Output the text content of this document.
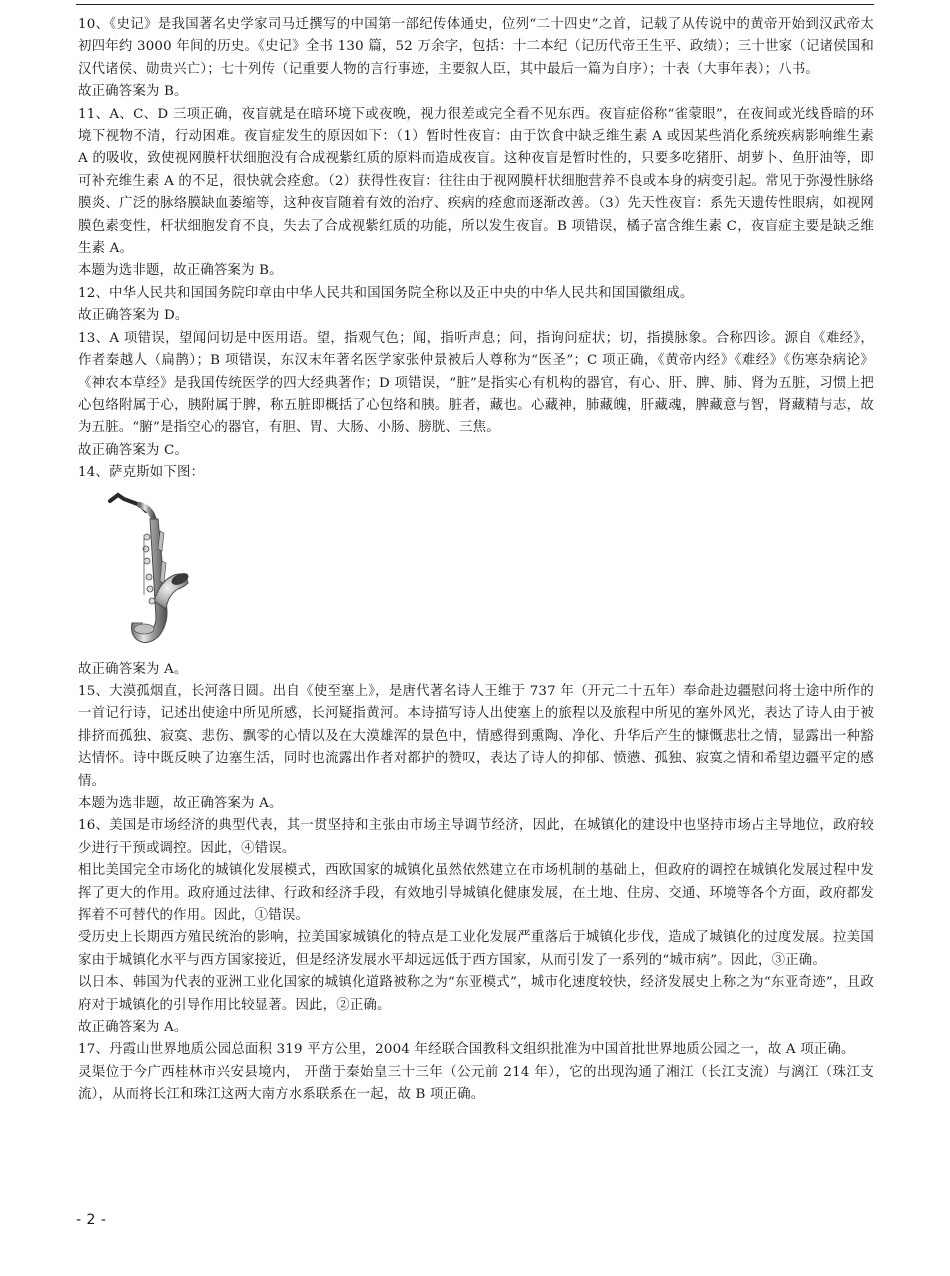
10、《史记》是我国著名史学家司马迁撰写的中国第一部纪传体通史，位列“二十四史”之首，记载了从传说中的黄帝开始到汉武帝太初四年约 3000 年间的历史。《史记》全书 130 篇，52 万余字，包括：十二本纪（记历代帝王生平、政绩）；三十世家（记诸侯国和汉代诸侯、勋贵兴亡）；七十列传（记重要人物的言行事迹，主要叙人臣，其中最后一篇为自序）；十表（大事年表）；八书。

故正确答案为 B。

11、A、C、D 三项正确，夜盲就是在暗环境下或夜晚，视力很差或完全看不见东西。夜盲症俗称“雀蒙眼”，在夜间或光线昏暗的环境下视物不清，行动困难。夜盲症发生的原因如下：（1）暂时性夜盲：由于饮食中缺乏维生素 A 或因某些消化系统疾病影响维生素 A 的吸收，致使视网膜杆状细胞没有合成视紫红质的原料而造成夜盲。这种夜盲是暂时性的，只要多吃猪肝、胡萝卜、鱼肝油等，即可补充维生素 A 的不足，很快就会痊愈。（2）获得性夜盲：往往由于视网膜杆状细胞营养不良或本身的病变引起。常见于弥漫性脉络膜炎、广泛的脉络膜缺血萎缩等，这种夜盲随着有效的治疗、疾病的痊愈而逐渐改善。（3）先天性夜盲：系先天遗传性眼病，如视网膜色素变性，杆状细胞发育不良，失去了合成视紫红质的功能，所以发生夜盲。B 项错误，橘子富含维生素 C，夜盲症主要是缺乏维生素 A。

本题为选非题，故正确答案为 B。

12、中华人民共和国国务院印章由中华人民共和国国务院全称以及正中央的中华人民共和国国徽组成。

故正确答案为 D。

13、A 项错误，望闻问切是中医用语。望，指观气色；闻，指听声息；问，指询问症状；切，指摸脉象。合称四诊。源自《难经》，作者秦越人（扁鹊）；B 项错误，东汉末年著名医学家张仲景被后人尊称为“医圣”；C 项正确，《黄帝内经》《难经》《伤寒杂病论》《神农本草经》是我国传统医学的四大经典著作；D 项错误，“脏”是指实心有机构的器官，有心、肝、脾、肺、肾为五脏，习惯上把心包络附属于心，胰附属于脾，称五脏即概括了心包络和胰。脏者，藏也。心藏神，肺藏魄，肝藏魂，脾藏意与智，肾藏精与志，故为五脏。“腑”是指空心的器官，有胆、胃、大肠、小肠、膀胱、三焦。

故正确答案为 C。

14、萨克斯如下图：

故正确答案为 A。

15、大漠孤烟直，长河落日圆。出自《使至塞上》，是唐代著名诗人王维于 737 年（开元二十五年）奉命赴边疆慰问将士途中所作的一首记行诗，记述出使途中所见所感，长河疑指黄河。本诗描写诗人出使塞上的旅程以及旅程中所见的塞外风光，表达了诗人由于被排挤而孤独、寂寞、悲伤、飘零的心情以及在大漠雄浑的景色中，情感得到熏陶、净化、升华后产生的慷慨悲壮之情，显露出一种豁达情怀。诗中既反映了边塞生活，同时也流露出作者对都护的赞叹，表达了诗人的抑郁、愤懑、孤独、寂寞之情和希望边疆平定的感情。

本题为选非题，故正确答案为 A。

16、美国是市场经济的典型代表，其一贯坚持和主张由市场主导调节经济，因此，在城镇化的建设中也坚持市场占主导地位，政府较少进行干预或调控。因此，④错误。

相比美国完全市场化的城镇化发展模式，西欧国家的城镇化虽然依然建立在市场机制的基础上，但政府的调控在城镇化发展过程中发挥了更大的作用。政府通过法律、行政和经济手段，有效地引导城镇化健康发展，在土地、住房、交通、环境等各个方面，政府都发挥着不可替代的作用。因此，①错误。

受历史上长期西方殖民统治的影响，拉美国家城镇化的特点是工业化发展严重落后于城镇化步伐，造成了城镇化的过度发展。拉美国家由于城镇化水平与西方国家接近，但是经济发展水平却远远低于西方国家，从而引发了一系列的“城市病”。因此，③正确。

以日本、韩国为代表的亚洲工业化国家的城镇化道路被称之为“东亚模式”，城市化速度较快，经济发展史上称之为“东亚奇迹”，且政府对于城镇化的引导作用比较显著。因此，②正确。

故正确答案为 A。

17、丹霞山世界地质公园总面积 319 平方公里，2004 年经联合国教科文组织批准为中国首批世界地质公园之一，故 A 项正确。

灵渠位于今广西桂林市兴安县境内， 开凿于秦始皇三十三年（公元前 214 年），它的出现沟通了湘江（长江支流）与漓江（珠江支流），从而将长江和珠江这两大南方水系联系在一起，故 B 项正确。

- 2 -
